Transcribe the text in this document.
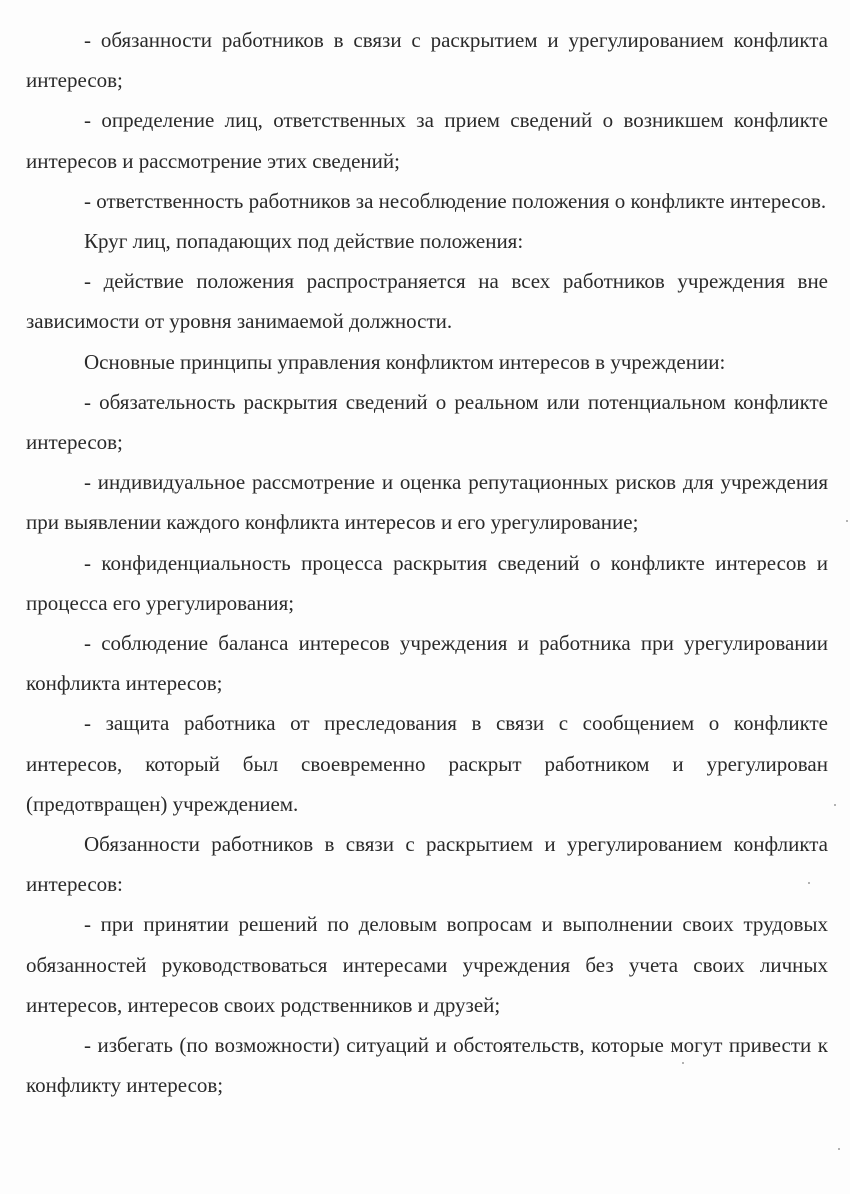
- обязанности работников в связи с раскрытием и урегулированием конфликта интересов;

- определение лиц, ответственных за прием сведений о возникшем конфликте интересов и рассмотрение этих сведений;

- ответственность работников за несоблюдение положения о конфликте интересов.

Круг лиц, попадающих под действие положения:

- действие положения распространяется на всех работников учреждения вне зависимости от уровня занимаемой должности.

Основные принципы управления конфликтом интересов в учреждении:

- обязательность раскрытия сведений о реальном или потенциальном конфликте интересов;

- индивидуальное рассмотрение и оценка репутационных рисков для учреждения при выявлении каждого конфликта интересов и его урегулирование;

- конфиденциальность процесса раскрытия сведений о конфликте интересов и процесса его урегулирования;

- соблюдение баланса интересов учреждения и работника при урегулировании конфликта интересов;

- защита работника от преследования в связи с сообщением о конфликте интересов, который был своевременно раскрыт работником и урегулирован (предотвращен) учреждением.

Обязанности работников в связи с раскрытием и урегулированием конфликта интересов:

- при принятии решений по деловым вопросам и выполнении своих трудовых обязанностей руководствоваться интересами учреждения без учета своих личных интересов, интересов своих родственников и друзей;

- избегать (по возможности) ситуаций и обстоятельств, которые могут привести к конфликту интересов;
